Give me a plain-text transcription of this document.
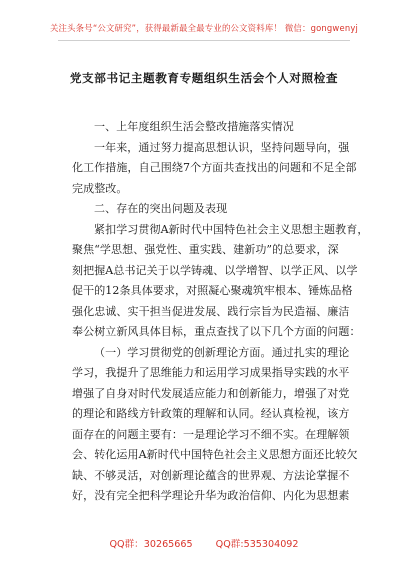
关注头条号“公文研究”，获得最新最全最专业的公文资料库！ 微信：gongwenyj
党支部书记主题教育专题组织生活会个人对照检查
一、上年度组织生活会整改措施落实情况
一年来，通过努力提高思想认识，坚持问题导向，强
化工作措施，自己围绕7个方面共查找出的问题和不足全部
完成整改。
二、存在的突出问题及表现
紧扣学习贯彻A新时代中国特色社会主义思想主题教育，
聚焦“学思想、强党性、重实践、建新功”的总要求，深
刻把握A总书记关于以学铸魂、以学增智、以学正风、以学
促干的12条具体要求，对照凝心聚魂筑牢根本、锤炼品格
强化忠诚、实干担当促进发展、践行宗旨为民造福、廉洁
奉公树立新风具体目标，重点查找了以下几个方面的问题：
（一）学习贯彻党的创新理论方面。通过扎实的理论
学习，我提升了思维能力和运用学习成果指导实践的水平
增强了自身对时代发展适应能力和创新能力，增强了对党
的理论和路线方针政策的理解和认同。经认真检视，该方
面存在的问题主要有：一是理论学习不细不实。在理解领
会、转化运用A新时代中国特色社会主义思想方面还比较欠
缺、不够灵活，对创新理论蕴含的世界观、方法论掌握不
好，没有完全把科学理论升华为政治信仰、内化为思想素
QQ群：30265665 QQ群:535304092
